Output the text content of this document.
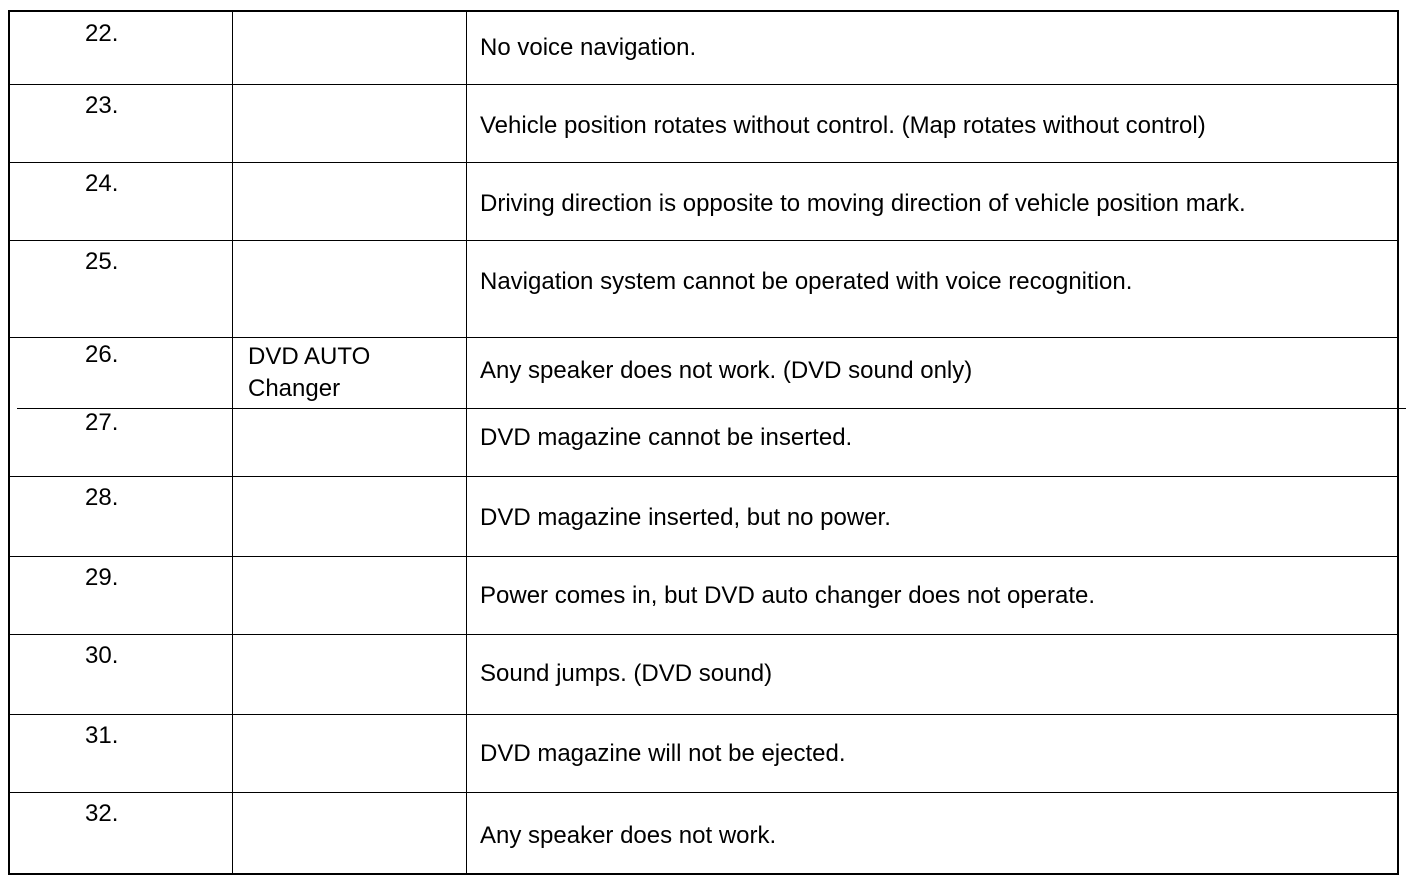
22.
No voice navigation.
23.
Vehicle position rotates without control. (Map rotates without control)
24.
Driving direction is opposite to moving direction of vehicle position mark.
25.
Navigation system cannot be operated with voice recognition.
26.	DVD AUTO
Changer
Any speaker does not work. (DVD sound only)
27.
DVD magazine cannot be inserted.
28.
DVD magazine inserted, but no power.
29.
Power comes in, but DVD auto changer does not operate.
30.
Sound jumps. (DVD sound)
31.
DVD magazine will not be ejected.
32.
Any speaker does not work.
